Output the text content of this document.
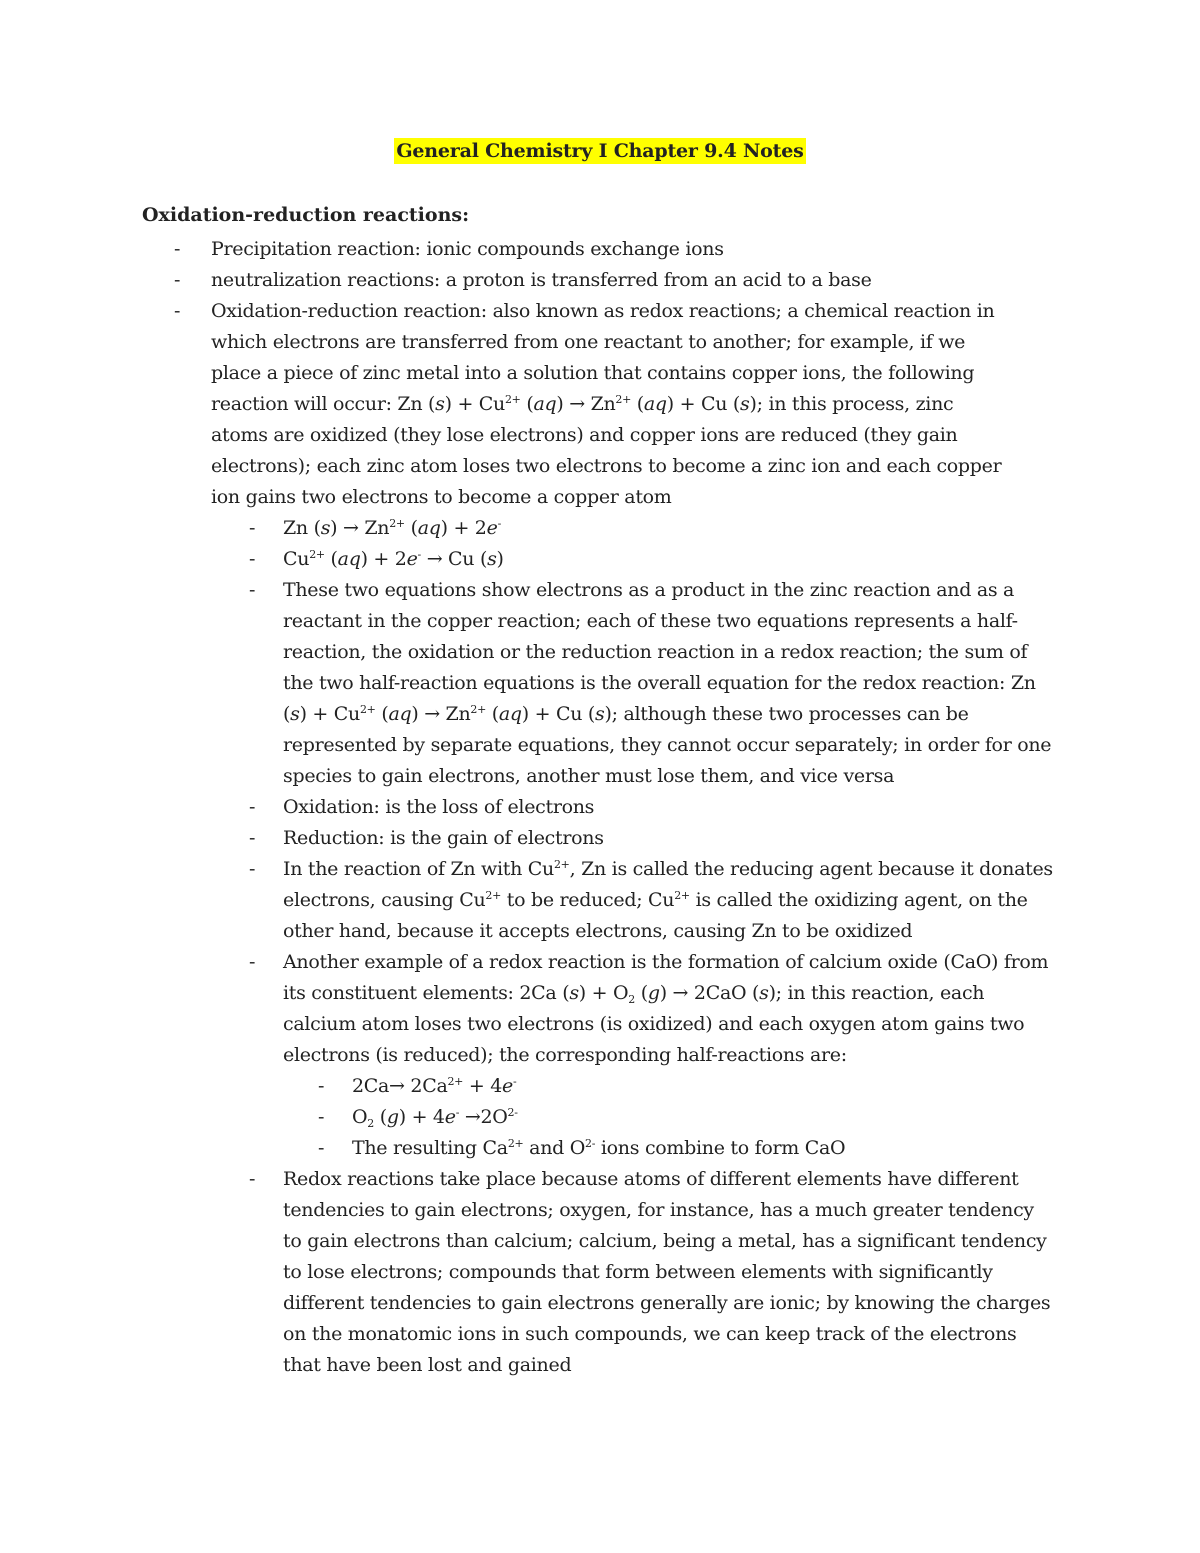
General Chemistry I Chapter 9.4 Notes
Oxidation-reduction reactions:
- Precipitation reaction: ionic compounds exchange ions
- neutralization reactions: a proton is transferred from an acid to a base
- Oxidation-reduction reaction: also known as redox reactions; a chemical reaction in which electrons are transferred from one reactant to another; for example, if we place a piece of zinc metal into a solution that contains copper ions, the following reaction will occur: Zn $(s) + Cu^{2+}$ $(aq) \to Zn^{2+}$ (aq) + Cu (s); in this process, zinc atoms are oxidized (they lose electrons) and copper ions are reduced (they gain electrons); each zinc atom loses two electrons to become a zinc ion and each copper ion gains two electrons to become a copper atom
- Zn $(s) \to Zn^{2+}$ (aq) + 2e-
- $Cu^{2+}$ (aq) + 2e- → Cu (s)
- These two equations show electrons as a product in the zinc reaction and as a reactant in the copper reaction; each of these two equations represents a half-reaction, the oxidation or the reduction reaction in a redox reaction; the sum of the two half-reaction equations is the overall equation for the redox reaction: Zn $(s) + Cu^{2+}$ $(aq) \to Zn^{2+}$ (aq) + Cu (s); although these two processes can be represented by separate equations, they cannot occur separately; in order for one species to gain electrons, another must lose them, and vice versa
- Oxidation: is the loss of electrons
- Reduction: is the gain of electrons
- In the reaction of Zn with $Cu^{2+}$, Zn is called the reducing agent because it donates electrons, causing $Cu^{2+}$ to be reduced; $Cu^{2+}$ is called the oxidizing agent, on the other hand, because it accepts electrons, causing Zn to be oxidized
- Another example of a redox reaction is the formation of calcium oxide (CaO) from its constituent elements: 2Ca $(s) + O_2$ (g) → 2CaO (s); in this reaction, each calcium atom loses two electrons (is oxidized) and each oxygen atom gains two electrons (is reduced); the corresponding half-reactions are:
- $2Ca\to 2Ca^{2+} + 4e^-$
- $O_2$ $(g) + 4e^- \to 2O^{2-}$
- The resulting $Ca^{2+}$ and $O^{2-}$ ions combine to form CaO
- Redox reactions take place because atoms of different elements have different tendencies to gain electrons; oxygen, for instance, has a much greater tendency to gain electrons than calcium; calcium, being a metal, has a significant tendency to lose electrons; compounds that form between elements with significantly different tendencies to gain electrons generally are ionic; by knowing the charges on the monatomic ions in such compounds, we can keep track of the electrons that have been lost and gained
